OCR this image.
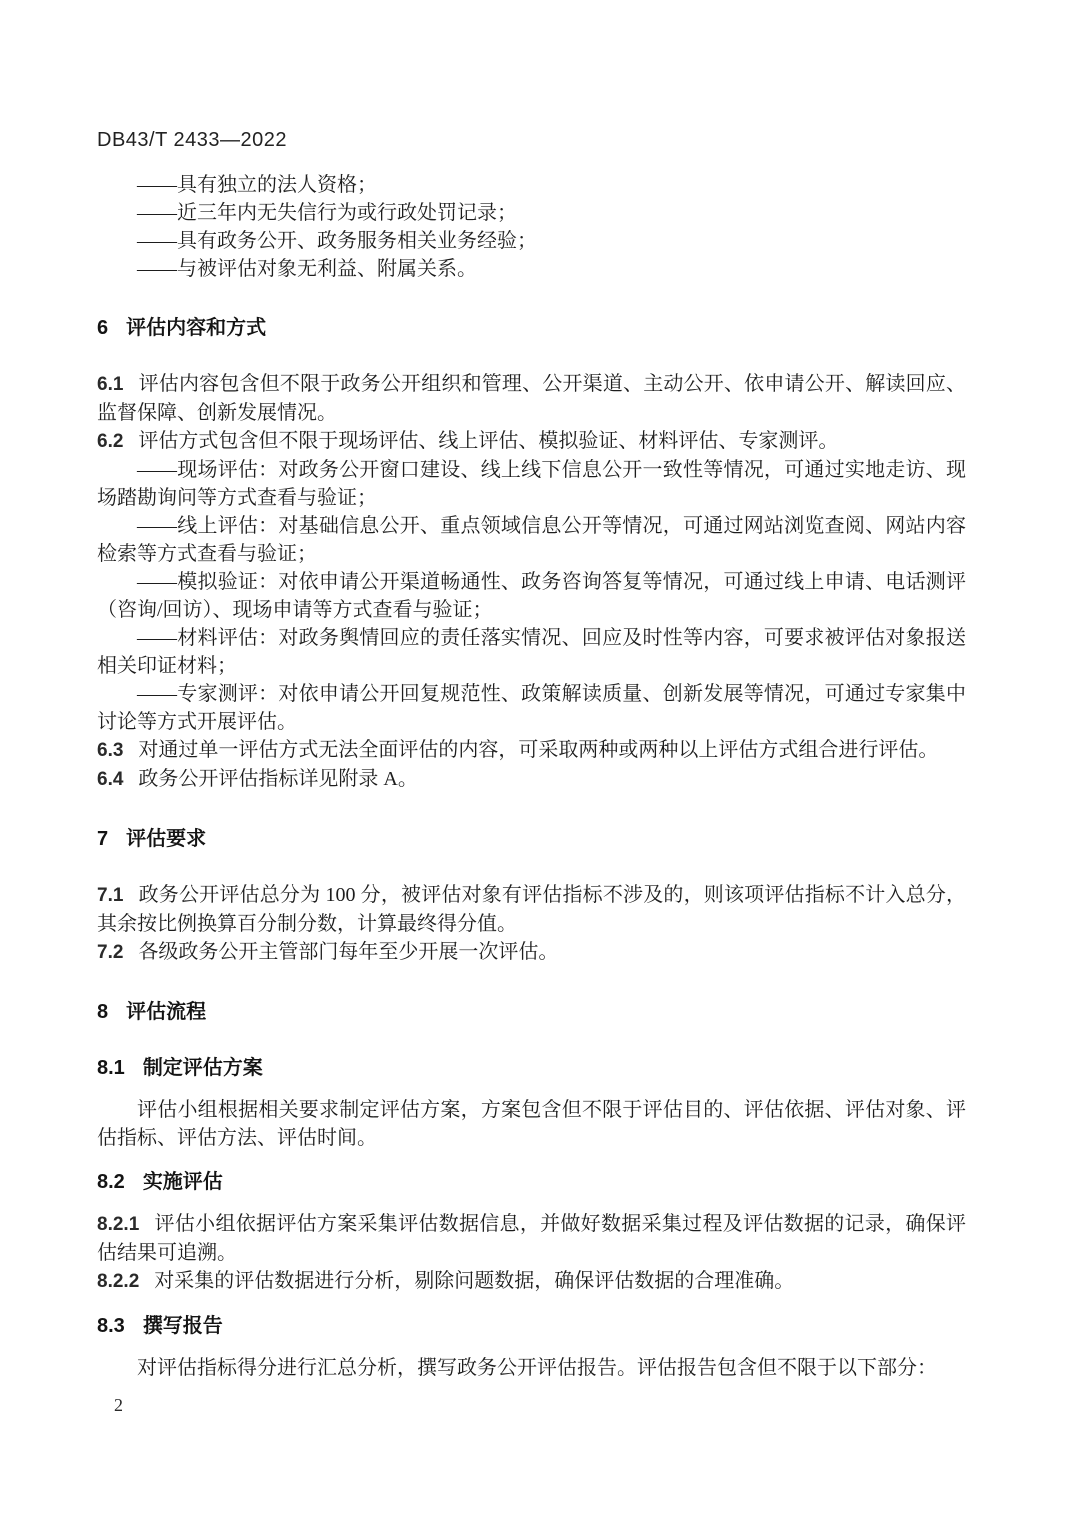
DB43/T 2433—2022

——具有独立的法人资格；

——近三年内无失信行为或行政处罚记录；

——具有政务公开、政务服务相关业务经验；

——与被评估对象无利益、附属关系。

6 评估内容和方式

6.1 评估内容包含但不限于政务公开组织和管理、公开渠道、主动公开、依申请公开、解读回应、监督保障、创新发展情况。

6.2 评估方式包含但不限于现场评估、线上评估、模拟验证、材料评估、专家测评。

——现场评估：对政务公开窗口建设、线上线下信息公开一致性等情况，可通过实地走访、现场踏勘询问等方式查看与验证；

——线上评估：对基础信息公开、重点领域信息公开等情况，可通过网站浏览查阅、网站内容检索等方式查看与验证；

——模拟验证：对依申请公开渠道畅通性、政务咨询答复等情况，可通过线上申请、电话测评（咨询/回访）、现场申请等方式查看与验证；

——材料评估：对政务舆情回应的责任落实情况、回应及时性等内容，可要求被评估对象报送相关印证材料；

——专家测评：对依申请公开回复规范性、政策解读质量、创新发展等情况，可通过专家集中讨论等方式开展评估。

6.3 对通过单一评估方式无法全面评估的内容，可采取两种或两种以上评估方式组合进行评估。

6.4 政务公开评估指标详见附录 A。

7 评估要求

7.1 政务公开评估总分为 100 分，被评估对象有评估指标不涉及的，则该项评估指标不计入总分，其余按比例换算百分制分数，计算最终得分值。

7.2 各级政务公开主管部门每年至少开展一次评估。

8 评估流程
8.1 制定评估方案

评估小组根据相关要求制定评估方案，方案包含但不限于评估目的、评估依据、评估对象、评估指标、评估方法、评估时间。

8.2 实施评估

8.2.1 评估小组依据评估方案采集评估数据信息，并做好数据采集过程及评估数据的记录，确保评估结果可追溯。

8.2.2 对采集的评估数据进行分析，剔除问题数据，确保评估数据的合理准确。

8.3 撰写报告

对评估指标得分进行汇总分析，撰写政务公开评估报告。评估报告包含但不限于以下部分：

2
